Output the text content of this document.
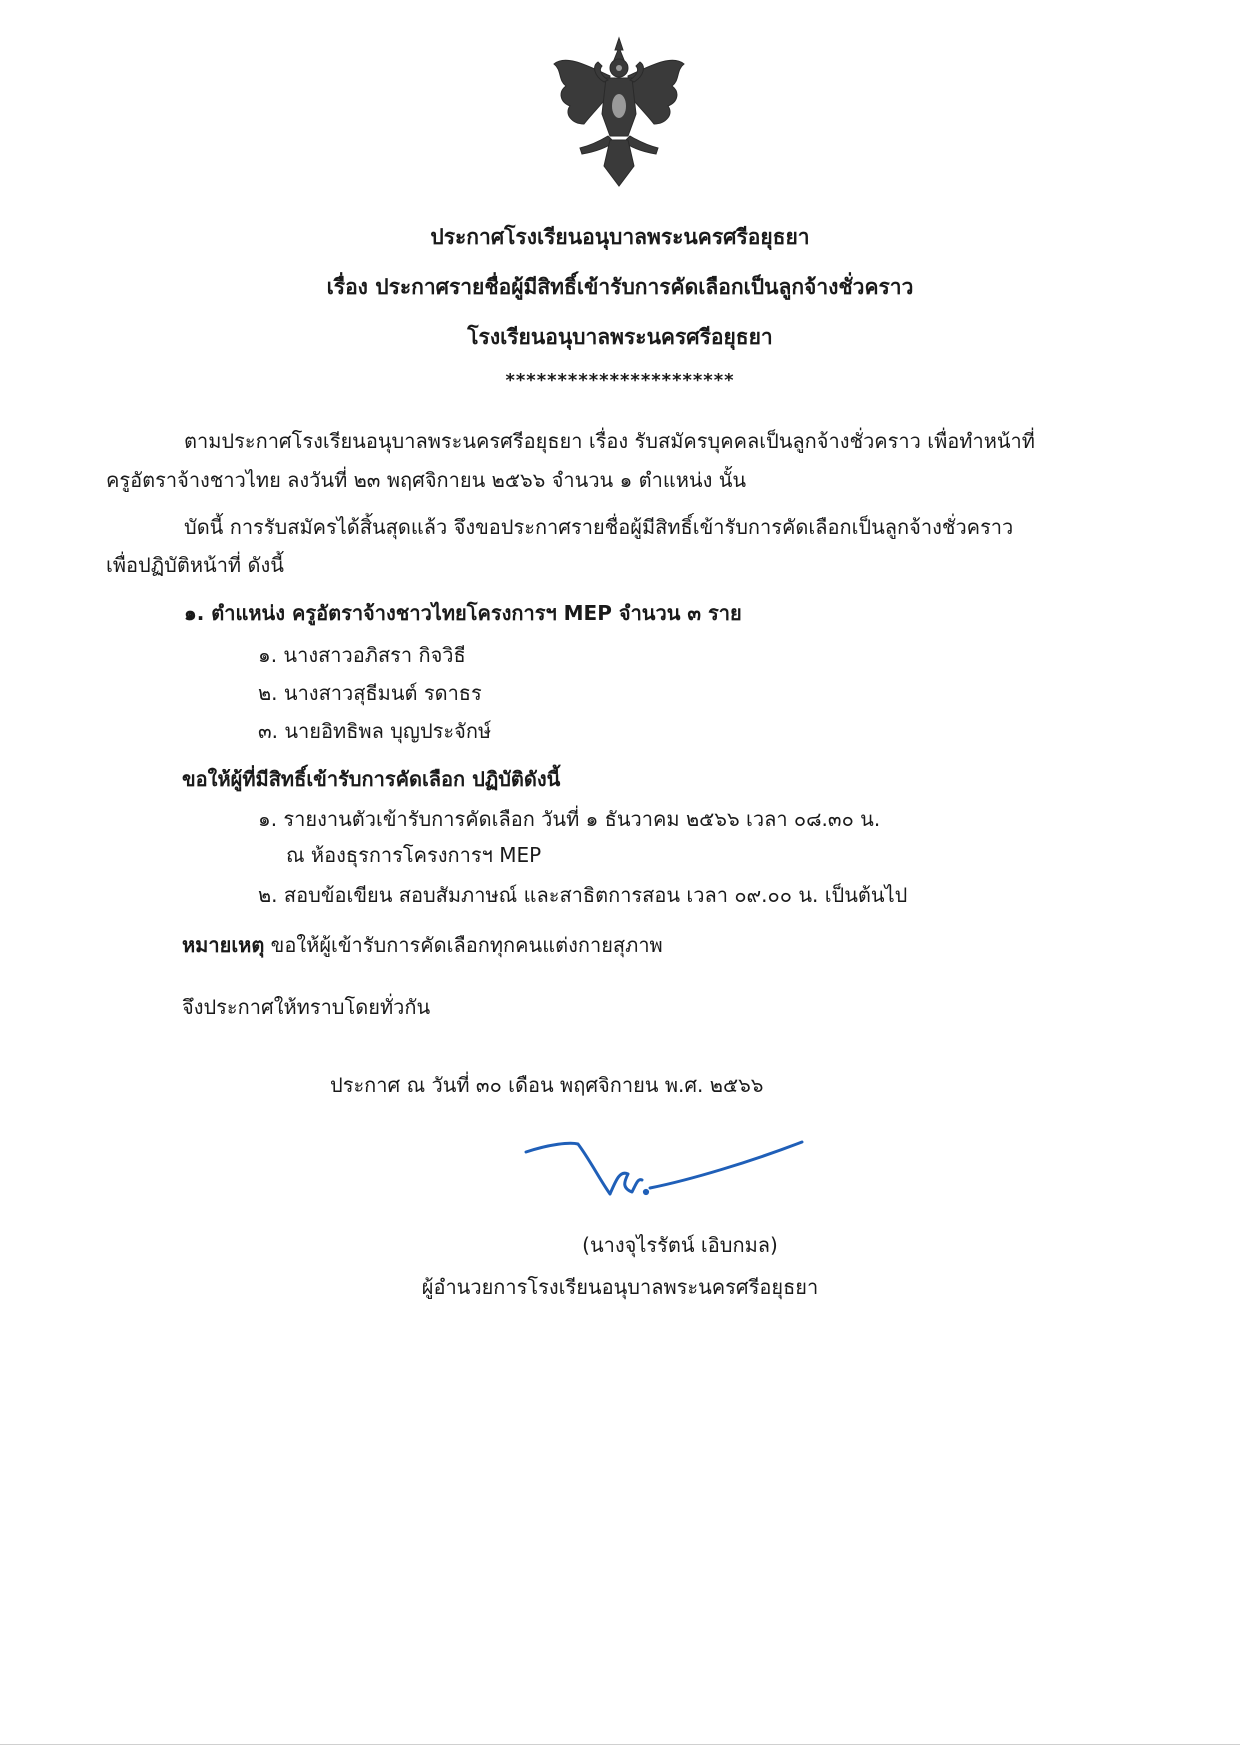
ประกาศโรงเรียนอนุบาลพระนครศรีอยุธยา
เรื่อง ประกาศรายชื่อผู้มีสิทธิ์เข้ารับการคัดเลือกเป็นลูกจ้างชั่วคราว
โรงเรียนอนุบาลพระนครศรีอยุธยา
**********************
ตามประกาศโรงเรียนอนุบาลพระนครศรีอยุธยา เรื่อง รับสมัครบุคคลเป็นลูกจ้างชั่วคราว เพื่อทำหน้าที่
ครูอัตราจ้างชาวไทย ลงวันที่ ๒๓ พฤศจิกายน ๒๕๖๖ จำนวน ๑ ตำแหน่ง นั้น
บัดนี้ การรับสมัครได้สิ้นสุดแล้ว จึงขอประกาศรายชื่อผู้มีสิทธิ์เข้ารับการคัดเลือกเป็นลูกจ้างชั่วคราว
เพื่อปฏิบัติหน้าที่ ดังนี้
๑. ตำแหน่ง ครูอัตราจ้างชาวไทยโครงการฯ MEP จำนวน ๓ ราย
๑. นางสาวอภิสรา กิจวิธี
๒. นางสาวสุธีมนต์ รดาธร
๓. นายอิทธิพล บุญประจักษ์
ขอให้ผู้ที่มีสิทธิ์เข้ารับการคัดเลือก ปฏิบัติดังนี้
๑. รายงานตัวเข้ารับการคัดเลือก วันที่ ๑ ธันวาคม ๒๕๖๖ เวลา ๐๘.๓๐ น.
ณ ห้องธุรการโครงการฯ MEP
๒. สอบข้อเขียน สอบสัมภาษณ์ และสาธิตการสอน เวลา ๐๙.๐๐ น. เป็นต้นไป
หมายเหตุ ขอให้ผู้เข้ารับการคัดเลือกทุกคนแต่งกายสุภาพ
จึงประกาศให้ทราบโดยทั่วกัน
ประกาศ ณ วันที่ ๓๐ เดือน พฤศจิกายน พ.ศ. ๒๕๖๖
(นางจุไรรัตน์ เอิบกมล)
ผู้อำนวยการโรงเรียนอนุบาลพระนครศรีอยุธยา
